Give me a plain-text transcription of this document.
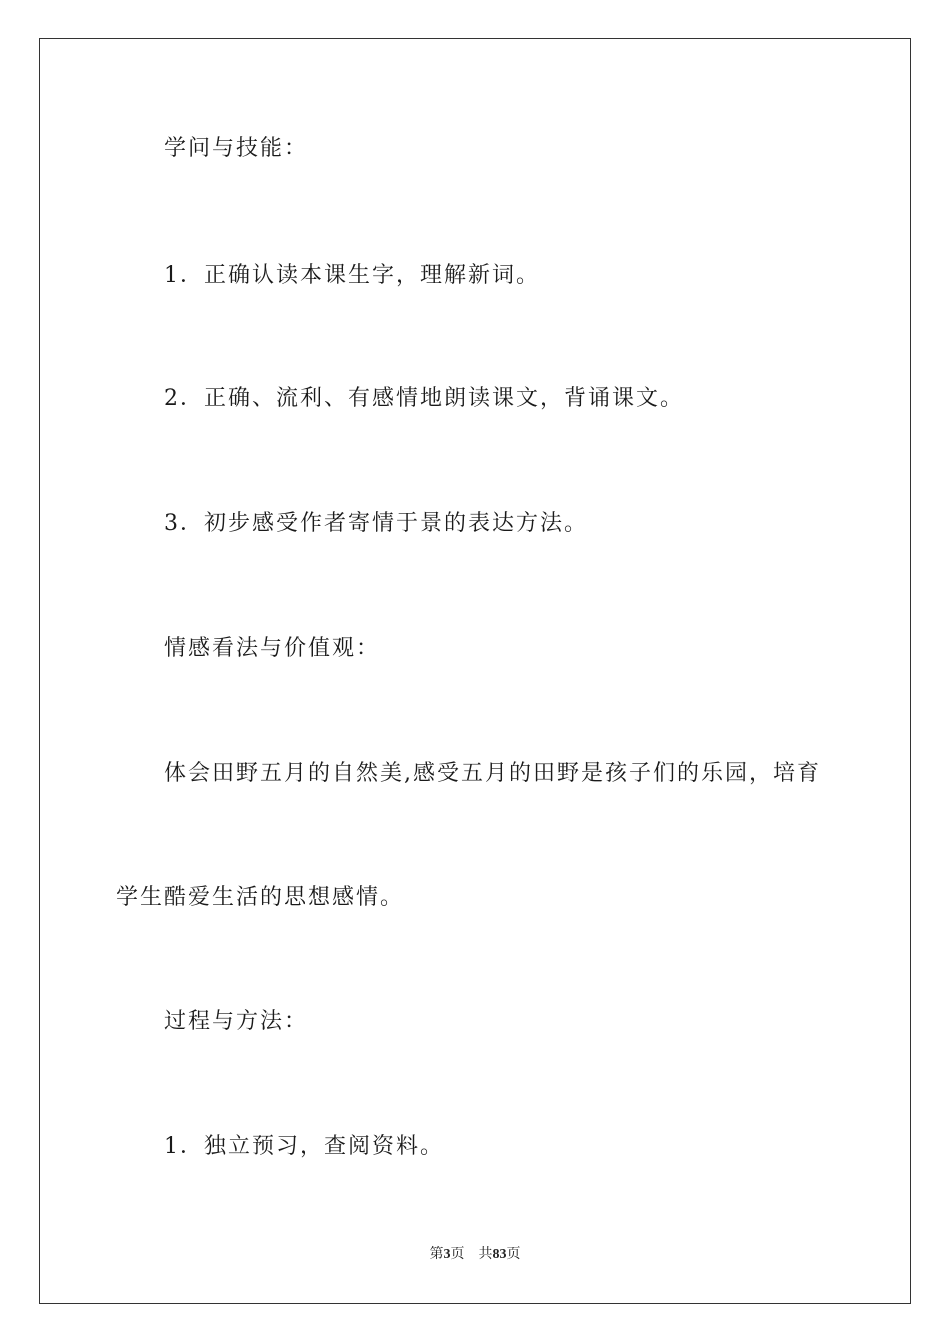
学问与技能：
1．正确认读本课生字，理解新词。
2．正确、流利、有感情地朗读课文，背诵课文。
3．初步感受作者寄情于景的表达方法。
情感看法与价值观：
体会田野五月的自然美,感受五月的田野是孩子们的乐园，培育
学生酷爱生活的思想感情。
过程与方法：
1．独立预习，查阅资料。
第3页 共83页
